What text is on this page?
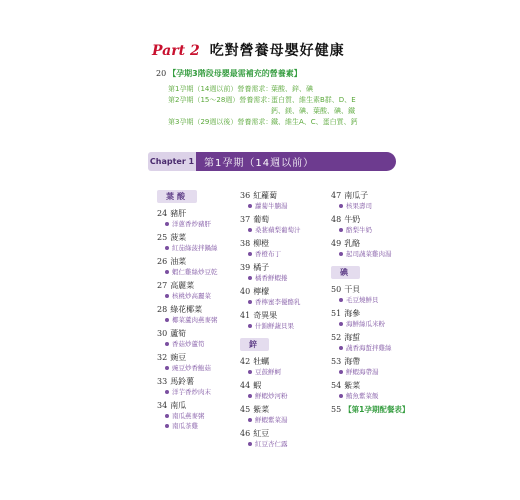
Part 2 吃對營養母嬰好健康
20 【孕期3階段母嬰最需補充的營養素】
第1孕期（14週以前）營養需求：
葉酸、鋅、碘
第2孕期（15～28週）營養需求：
蛋白質、維生素B群、D、E
鈣、鎂、碘、葉酸、碘、鐵
第3孕期（29週以後）營養需求：
鐵、維生A、C、蛋白質、鈣
Chapter 1 第1孕期（14週以前）
葉酸
24 豬肝
洋蔥香炒豬肝
25 菠菜
紅茄綠菠拌鍋絲
26 油菜
蝦仁雞絲炒豆乾
27 高麗菜
核桃炒高麗菜
28 綠花椰菜
椰菜蘆肉燕麥粥
30 蘆筍
香菇炒蘆筍
32 豌豆
豌豆炒香鮑菇
33 馬鈴薯
洋芋香炒肉末
34 南瓜
南瓜燕麥粥
南瓜茶雞
36 紅蘿蔔
蘿蔔牛腩湯
37 葡萄
桑葚蘋梨葡萄汁
38 柳橙
香橙布丁
39 橘子
橘香鮮蝦捲
40 檸檬
香檸蜜李優酪乳
41 奇異果
什錦鮮蔬貝果
鋅
42 牡蠣
豆鼓鮮蚵
44 蝦
鮮蝦炒河粉
45 紫菜
鮮蝦紫菜湯
46 紅豆
紅豆杏仁露
47 南瓜子
核果壽司
48 牛奶
酪梨牛奶
49 乳酪
起司蔬菜雞肉湯
碘
50 干貝
毛豆燒鮮貝
51 海參
海鮮絲瓜米粉
52 海蜇
蔬香海蜇拌雞絲
53 海帶
鮮蝦海帶湯
54 紫菜
鮪魚紫菜飯
55 【第1孕期配餐表】
